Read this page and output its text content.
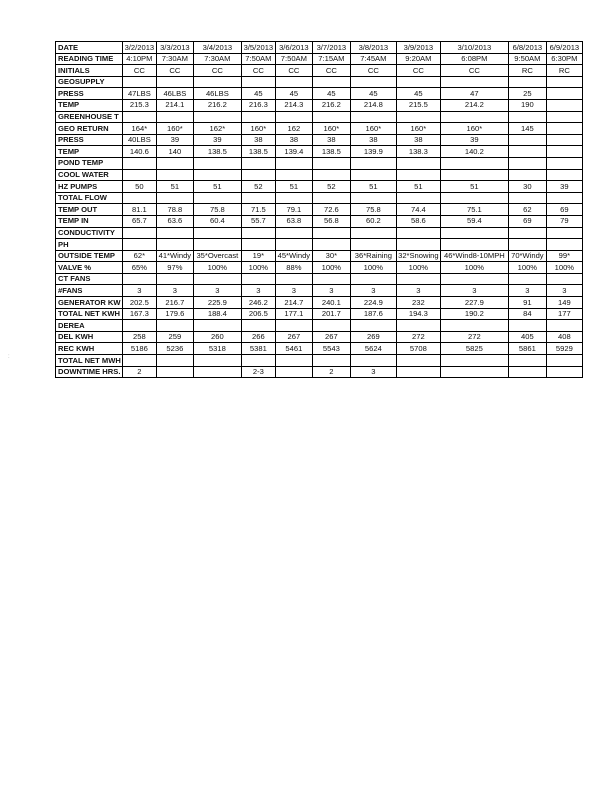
DATE	3/2/2013	3/3/2013	3/4/2013	3/5/2013	3/6/2013	3/7/2013	3/8/2013	3/9/2013	3/10/2013	6/8/2013	6/9/2013
READING TIME	4:10PM	7:30AM	7:30AM	7:50AM	7:50AM	7:15AM	7:45AM	9:20AM	6:08PM	9:50AM	6:30PM
INITIALS	CC	CC	CC	CC	CC	CC	CC	CC	CC	RC	RC
GEOSUPPLY											
PRESS	47LBS	46LBS	46LBS	45	45	45	45	45	47	25	
TEMP	215.3	214.1	216.2	216.3	214.3	216.2	214.8	215.5	214.2	190	
GREENHOUSE T											
GEO RETURN	164*	160*	162*	160*	162	160*	160*	160*	160*	145	
PRESS	40LBS	39	39	38	38	38	38	38	39		
TEMP	140.6	140	138.5	138.5	139.4	138.5	139.9	138.3	140.2		
POND TEMP											
COOL WATER											
HZ PUMPS	50	51	51	52	51	52	51	51	51	30	39
TOTAL FLOW											
TEMP OUT	81.1	78.8	75.8	71.5	79.1	72.6	75.8	74.4	75.1	62	69
TEMP IN	65.7	63.6	60.4	55.7	63.8	56.8	60.2	58.6	59.4	69	79
CONDUCTIVITY											
PH											
OUTSIDE TEMP	62*	41*Windy	35*Overcast	19*	45*Windy	30*	36*Raining	32*Snowing	46*Wind8-10MPH	70*Windy	99*
VALVE %	65%	97%	100%	100%	88%	100%	100%	100%	100%	100%	100%
CT FANS											
#FANS	3	3	3	3	3	3	3	3	3	3	3
GENERATOR KW	202.5	216.7	225.9	246.2	214.7	240.1	224.9	232	227.9	91	149
TOTAL NET KWH	167.3	179.6	188.4	206.5	177.1	201.7	187.6	194.3	190.2	84	177
DEREA											
DEL KWH	258	259	260	266	267	267	269	272	272	405	408
REC KWH	5186	5236	5318	5381	5461	5543	5624	5708	5825	5861	5929
TOTAL NET MWH											
DOWNTIME HRS.	2			2-3		2	3				
:
